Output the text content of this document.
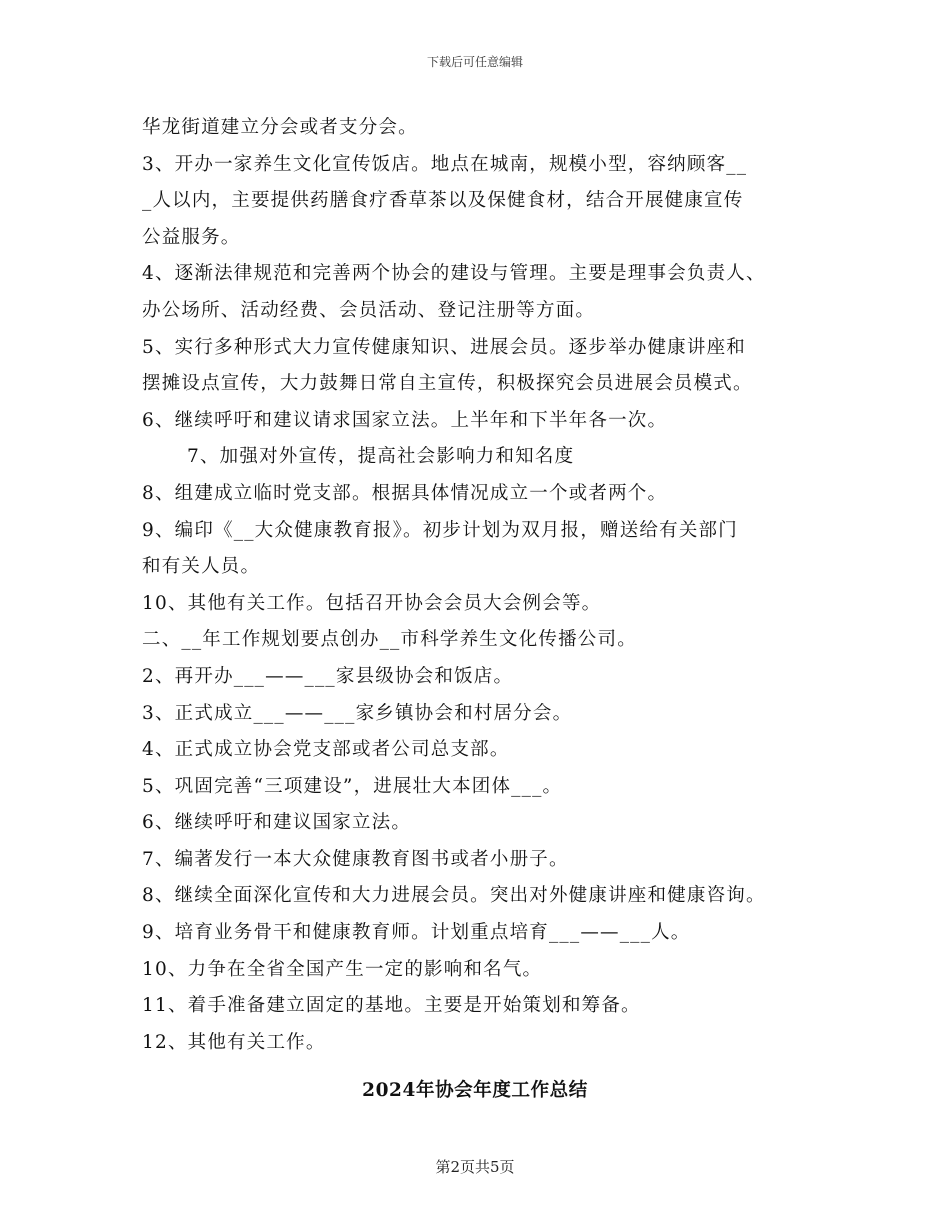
下载后可任意编辑
华龙街道建立分会或者支分会。
3、开办一家养生文化宣传饭店。地点在城南，规模小型，容纳顾客__
_人以内，主要提供药膳食疗香草茶以及保健食材，结合开展健康宣传
公益服务。
4、逐渐法律规范和完善两个协会的建设与管理。主要是理事会负责人、
办公场所、活动经费、会员活动、登记注册等方面。
5、实行多种形式大力宣传健康知识、进展会员。逐步举办健康讲座和
摆摊设点宣传，大力鼓舞日常自主宣传，积极探究会员进展会员模式。
6、继续呼吁和建议请求国家立法。上半年和下半年各一次。
7、加强对外宣传，提高社会影响力和知名度
8、组建成立临时党支部。根据具体情况成立一个或者两个。
9、编印《__大众健康教育报》。初步计划为双月报，赠送给有关部门
和有关人员。
10、其他有关工作。包括召开协会会员大会例会等。
二、__年工作规划要点创办__市科学养生文化传播公司。
2、再开办___——___家县级协会和饭店。
3、正式成立___——___家乡镇协会和村居分会。
4、正式成立协会党支部或者公司总支部。
5、巩固完善“三项建设”，进展壮大本团体___。
6、继续呼吁和建议国家立法。
7、编著发行一本大众健康教育图书或者小册子。
8、继续全面深化宣传和大力进展会员。突出对外健康讲座和健康咨询。
9、培育业务骨干和健康教育师。计划重点培育___——___人。
10、力争在全省全国产生一定的影响和名气。
11、着手准备建立固定的基地。主要是开始策划和筹备。
12、其他有关工作。
2024年协会年度工作总结
第2页共5页
